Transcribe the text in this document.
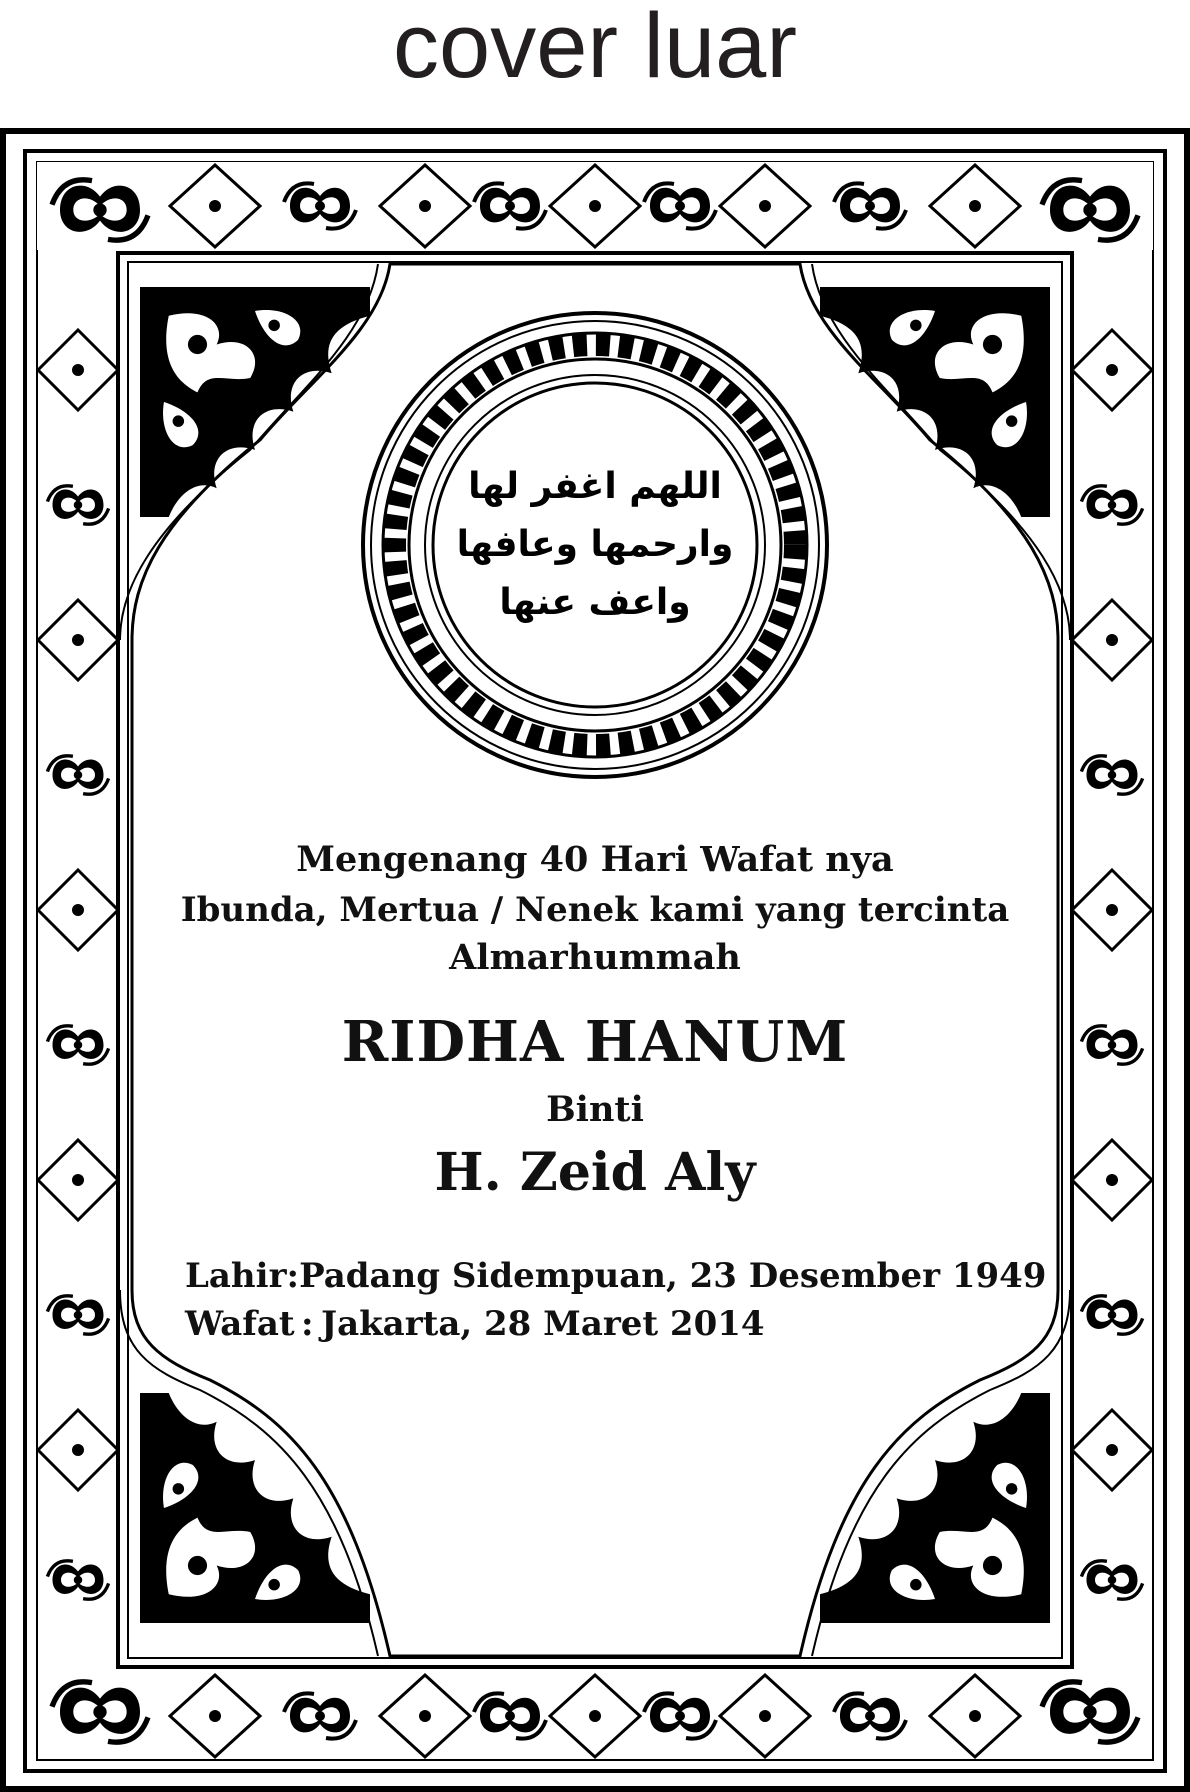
cover luar
اللهم اغفر لها وارحمها وعافها واعف عنها
Mengenang 40 Hari Wafat nya
Ibunda, Mertua / Nenek kami yang tercinta
Almarhummah
RIDHA HANUM
Binti
H. Zeid Aly
Lahir : Padang Sidempuan, 23 Desember 1949
Wafat : Jakarta, 28 Maret 2014
